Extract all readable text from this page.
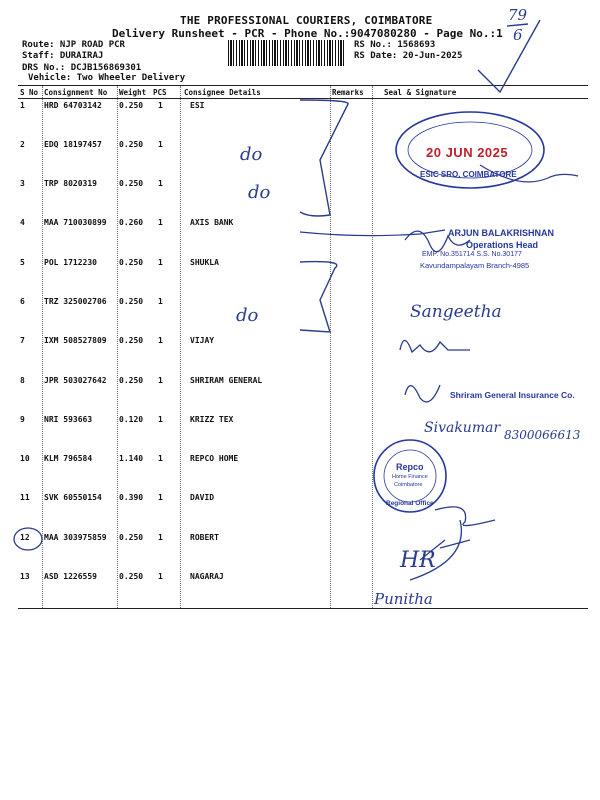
THE PROFESSIONAL COURIERS, COIMBATORE
Delivery Runsheet - PCR - Phone No.:9047080280 - Page No.:1
Route: NJP ROAD PCR
Staff: DURAIRAJ
DRS No.: DCJB156869301
Vehicle: Two Wheeler Delivery
RS No.: 1568693
RS Date: 20-Jun-2025
S No Consignment No Weight PCS Consignee Details	Remarks	Seal & Signature
1 HRD 64703142 0.250 1	ESI
2 EDQ 18197457 0.250 1
3 TRP 8020319	0.250 1
4 MAA 710030899 0.260 1	AXIS BANK
5 POL 1712230	0.250 1	SHUKLA
6 TRZ 325002706 0.250 1
7 IXM 508527809 0.250 1	VIJAY
8 JPR 503027642 0.250 1	SHRIRAM GENERAL
9 NRI 593663	0.120 1	KRIZZ TEX
10 KLM 796584	1.140 1	REPCO HOME
11 SVK 60550154 0.390 1	DAVID
12 MAA 303975859 0.250 1	ROBERT
13 ASD 1226559	0.250 1	NAGARAJ
79
6
do
do
do	Sangeetha
Sivakumar 8300066613
HR
Punitha
20 JUN 2025
ESIC SRO, COIMBATORE
ARJUN BALAKRISHNAN
Operations Head
EMP. No.351714 S.S. No.30177
Kavundampalayam Branch-4985
Shriram General Insurance Co.
Repco
Home Finance
Coimbatore
Regional Office
